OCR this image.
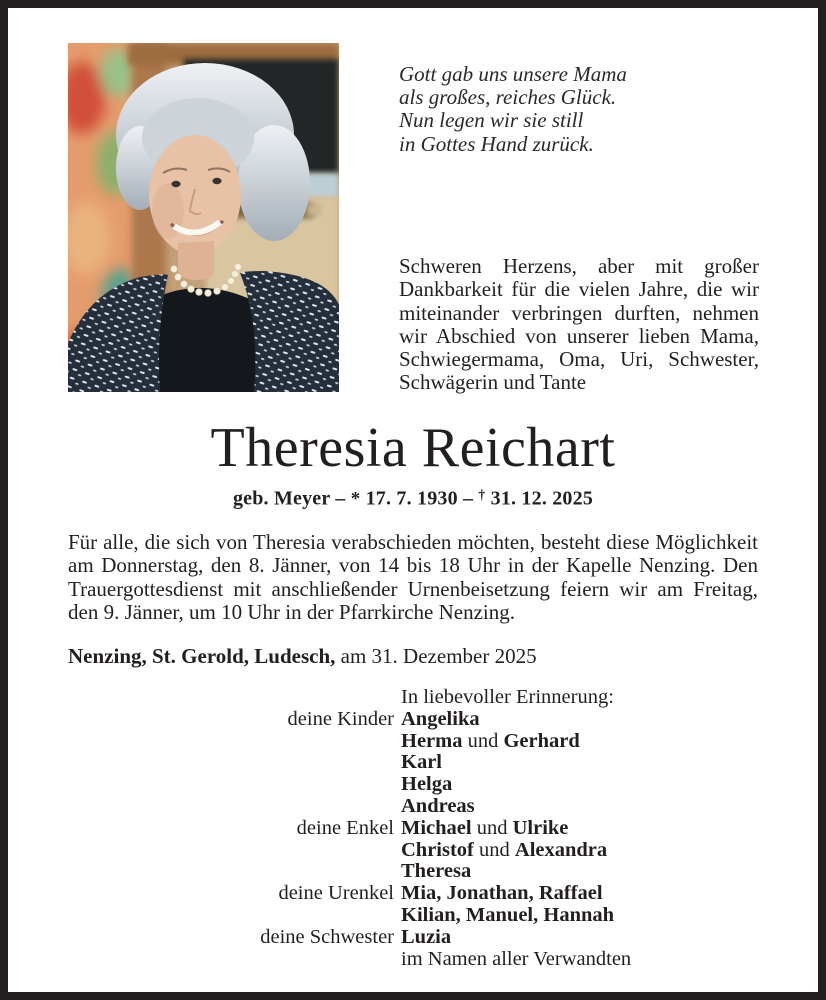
Gott gab uns unsere Mama
als großes, reiches Glück.
Nun legen wir sie still
in Gottes Hand zurück.
Schweren Herzens, aber mit großer Dankbarkeit für die vielen Jahre, die wir miteinander verbringen durften, nehmen wir Abschied von unserer lieben Mama, Schwiegermama, Oma, Uri, Schwester, Schwägerin und Tante
Theresia Reichart
geb. Meyer – * 17. 7. 1930 – † 31. 12. 2025
Für alle, die sich von Theresia verabschieden möchten, besteht diese Möglichkeit am Donnerstag, den 8. Jänner, von 14 bis 18 Uhr in der Kapelle Nenzing. Den Trauergottesdienst mit anschließender Urnenbeisetzung feiern wir am Freitag, den 9. Jänner, um 10 Uhr in der Pfarrkirche Nenzing.
Nenzing, St. Gerold, Ludesch, am 31. Dezember 2025
In liebevoller Erinnerung:
deine Kinder Angelika
Herma und Gerhard
Karl
Helga
Andreas
deine Enkel Michael und Ulrike
Christof und Alexandra
Theresa
deine Urenkel Mia, Jonathan, Raffael
Kilian, Manuel, Hannah
deine Schwester Luzia
im Namen aller Verwandten
